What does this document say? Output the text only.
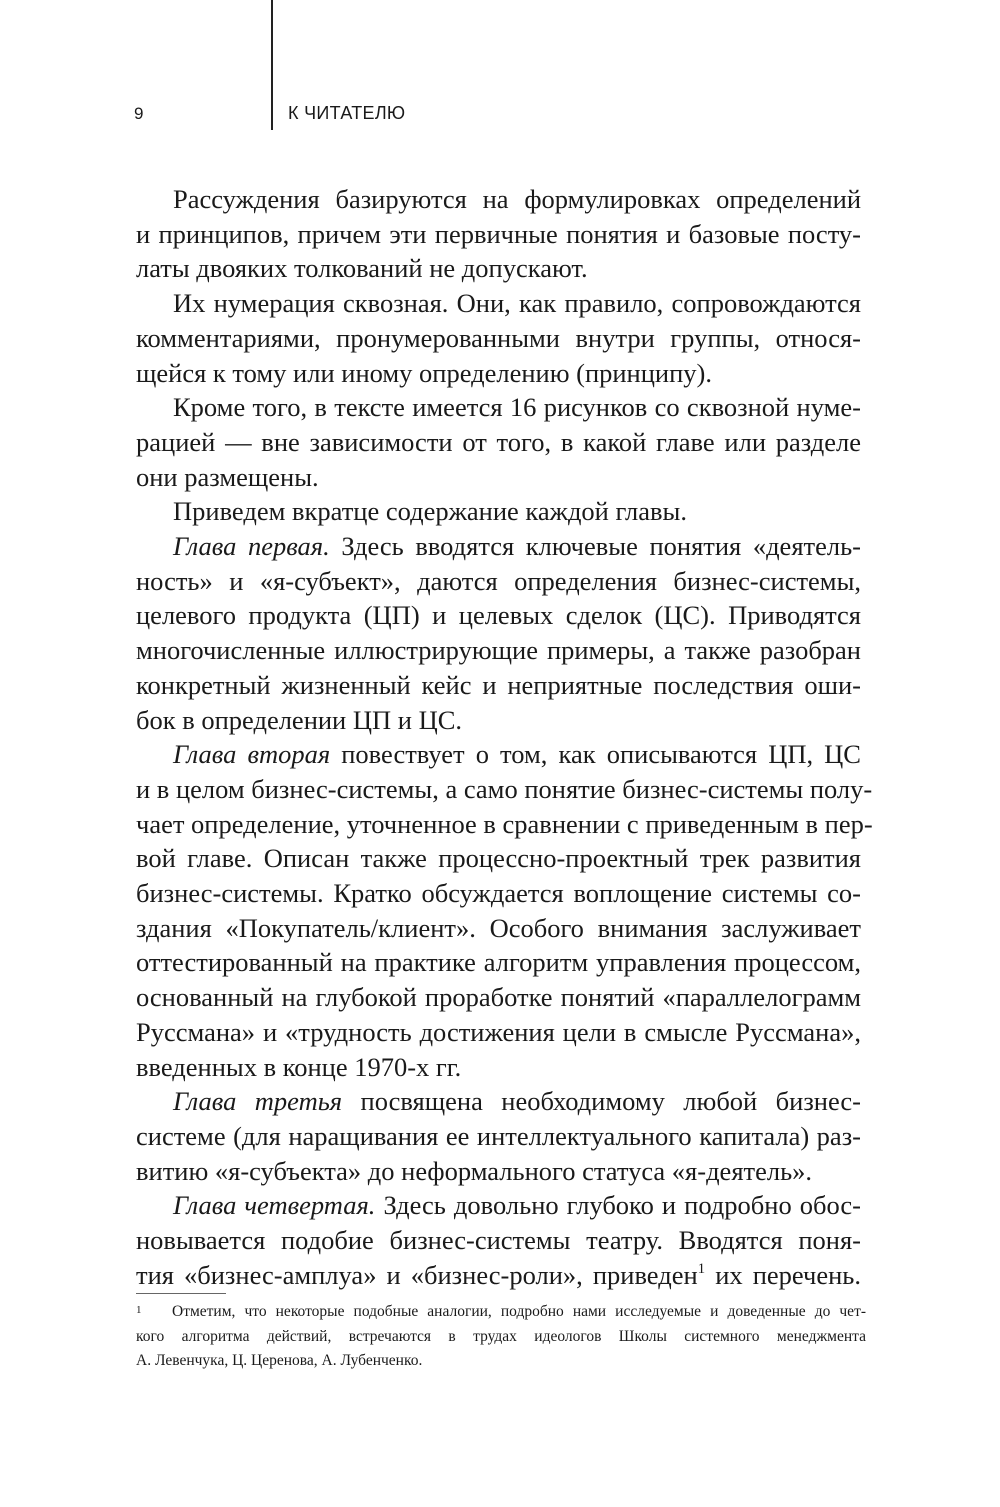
9	К ЧИТАТЕЛЮ
Рассуждения базируются на формулировках определений
и принципов, причем эти первичные понятия и базовые посту-
латы двояких толкований не допускают.
Их нумерация сквозная. Они, как правило, сопровождаются
комментариями, пронумерованными внутри группы, относя-
щейся к тому или иному определению (принципу).
Кроме того, в тексте имеется 16 рисунков со сквозной нуме-
рацией — вне зависимости от того, в какой главе или разделе
они размещены.
Приведем вкратце содержание каждой главы.
Глава первая. Здесь вводятся ключевые понятия «деятель-
ность» и «я-субъект», даются определения бизнес-системы,
целевого продукта (ЦП) и целевых сделок (ЦС). Приводятся
многочисленные иллюстрирующие примеры, а также разобран
конкретный жизненный кейс и неприятные последствия оши-
бок в определении ЦП и ЦС.
Глава вторая повествует о том, как описываются ЦП, ЦС
и в целом бизнес-системы, а само понятие бизнес-системы полу-
чает определение, уточненное в сравнении с приведенным в пер-
вой главе. Описан также процессно-проектный трек развития
бизнес-системы. Кратко обсуждается воплощение системы со-
здания «Покупатель/клиент». Особого внимания заслуживает
оттестированный на практике алгоритм управления процессом,
основанный на глубокой проработке понятий «параллелограмм
Руссмана» и «трудность достижения цели в смысле Руссмана»,
введенных в конце 1970-х гг.
Глава третья посвящена необходимому любой бизнес-
системе (для наращивания ее интеллектуального капитала) раз-
витию «я-субъекта» до неформального статуса «я-деятель».
Глава четвертая. Здесь довольно глубоко и подробно обос-
новывается подобие бизнес-системы театру. Вводятся поня-
тия «бизнес-амплуа» и «бизнес-роли», приведен$^1$ их перечень.
1	Отметим, что некоторые подобные аналогии, подробно нами исследуемые и доведенные до чет-
кого алгоритма действий, встречаются в трудах идеологов Школы системного менеджмента
А. Левенчука, Ц. Церенова, А. Лубенченко.
